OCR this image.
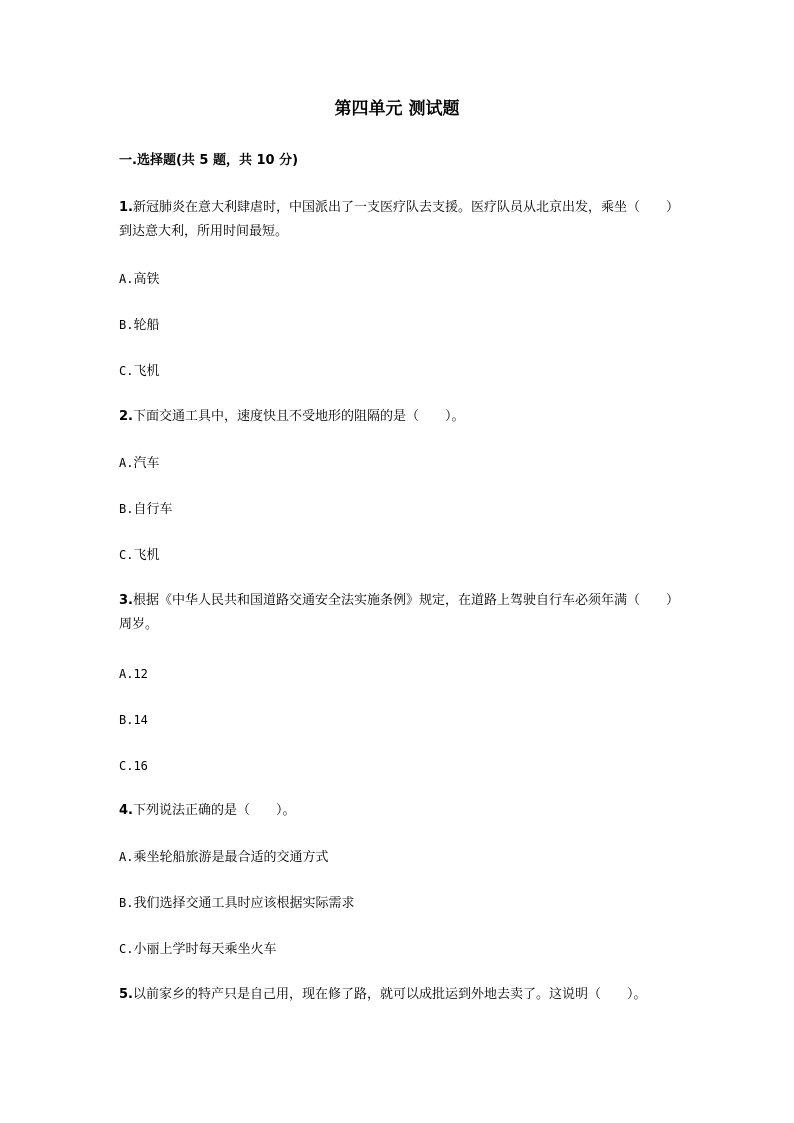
第四单元 测试题
一.选择题(共 5 题，共 10 分)
1.新冠肺炎在意大利肆虐时，中国派出了一支医疗队去支援。医疗队员从北京出发，乘坐（　　）到达意大利，所用时间最短。
A.高铁
B.轮船
C.飞机
2.下面交通工具中，速度快且不受地形的阻隔的是（　　）。
A.汽车
B.自行车
C.飞机
3.根据《中华人民共和国道路交通安全法实施条例》规定，在道路上驾驶自行车必须年满（　　）周岁。
A.12
B.14
C.16
4.下列说法正确的是（　　）。
A.乘坐轮船旅游是最合适的交通方式
B.我们选择交通工具时应该根据实际需求
C.小丽上学时每天乘坐火车
5.以前家乡的特产只是自己用，现在修了路，就可以成批运到外地去卖了。这说明（　　）。
